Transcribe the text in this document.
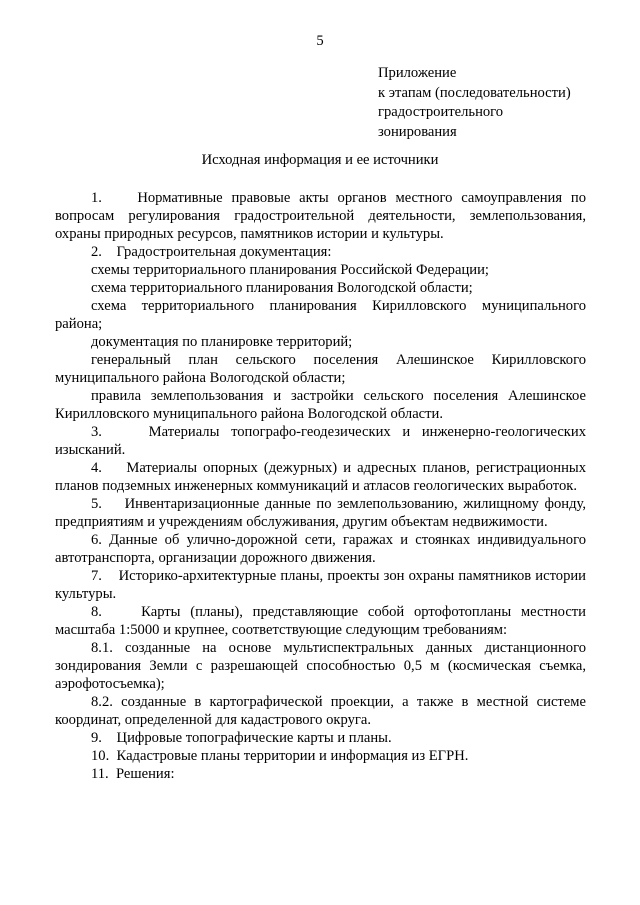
5
Приложение
к этапам (последовательности)
градостроительного
зонирования
Исходная информация и ее источники

1.    Нормативные правовые акты органов местного самоуправления по вопросам регулирования градостроительной деятельности, землепользования, охраны природных ресурсов, памятников истории и культуры.

2.    Градостроительная документация:

схемы территориального планирования Российской Федерации;

схема территориального планирования Вологодской области;

схема территориального планирования Кирилловского муниципального района;

документация по планировке территорий;

генеральный план сельского поселения Алешинское Кирилловского муниципального района Вологодской области;

правила землепользования и застройки сельского поселения Алешинское Кирилловского муниципального района Вологодской области.

3.    Материалы топографо-геодезических и инженерно-геологических изысканий.

4.    Материалы опорных (дежурных) и адресных планов, регистрационных планов подземных инженерных коммуникаций и атласов геологических выработок.

5.    Инвентаризационные данные по землепользованию, жилищному фонду, предприятиям и учреждениям обслуживания, другим объектам недвижимости.

6. Данные об улично-дорожной сети, гаражах и стоянках индивидуального автотранспорта, организации дорожного движения.

7.    Историко-архитектурные планы, проекты зон охраны памятников истории культуры.

8.    Карты (планы), представляющие собой ортофотопланы местности масштаба 1:5000 и крупнее, соответствующие следующим требованиям:

8.1. созданные на основе мультиспектральных данных дистанционного зондирования Земли с разрешающей способностью 0,5 м (космическая съемка, аэрофотосъемка);

8.2. созданные в картографической проекции, а также в местной системе координат, определенной для кадастрового округа.

9.    Цифровые топографические карты и планы.

10.  Кадастровые планы территории и информация из ЕГРН.

11.  Решения:
